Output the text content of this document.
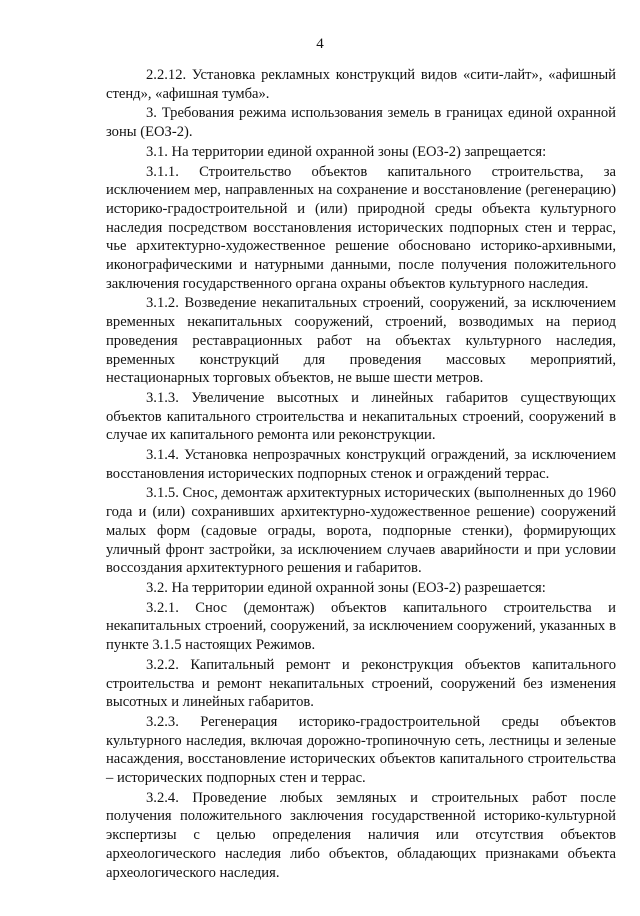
4

2.2.12. Установка рекламных конструкций видов «сити-лайт», «афишный стенд», «афишная тумба».

3. Требования режима использования земель в границах единой охранной зоны (ЕОЗ-2).

3.1. На территории единой охранной зоны (ЕОЗ-2) запрещается:

3.1.1. Строительство объектов капитального строительства, за исключением мер, направленных на сохранение и восстановление (регенерацию) историко-градостроительной и (или) природной среды объекта культурного наследия посредством восстановления исторических подпорных стен и террас, чье архитектурно-художественное решение обосновано историко-архивными, иконографическими и натурными данными, после получения положительного заключения государственного органа охраны объектов культурного наследия.

3.1.2. Возведение некапитальных строений, сооружений, за исключением временных некапитальных сооружений, строений, возводимых на период проведения реставрационных работ на объектах культурного наследия, временных конструкций для проведения массовых мероприятий, нестационарных торговых объектов, не выше шести метров.

3.1.3. Увеличение высотных и линейных габаритов существующих объектов капитального строительства и некапитальных строений, сооружений в случае их капитального ремонта или реконструкции.

3.1.4. Установка непрозрачных конструкций ограждений, за исключением восстановления исторических подпорных стенок и ограждений террас.

3.1.5. Снос, демонтаж архитектурных исторических (выполненных до 1960 года и (или) сохранивших архитектурно-художественное решение) сооружений малых форм (садовые ограды, ворота, подпорные стенки), формирующих уличный фронт застройки, за исключением случаев аварийности и при условии воссоздания архитектурного решения и габаритов.

3.2. На территории единой охранной зоны (ЕОЗ-2) разрешается:

3.2.1. Снос (демонтаж) объектов капитального строительства и некапитальных строений, сооружений, за исключением сооружений, указанных в пункте 3.1.5 настоящих Режимов.

3.2.2. Капитальный ремонт и реконструкция объектов капитального строительства и ремонт некапитальных строений, сооружений без изменения высотных и линейных габаритов.

3.2.3. Регенерация историко-градостроительной среды объектов культурного наследия, включая дорожно-тропиночную сеть, лестницы и зеленые насаждения, восстановление исторических объектов капитального строительства – исторических подпорных стен и террас.

3.2.4. Проведение любых земляных и строительных работ после получения положительного заключения государственной историко-культурной экспертизы с целью определения наличия или отсутствия объектов археологического наследия либо объектов, обладающих признаками объекта археологического наследия.
